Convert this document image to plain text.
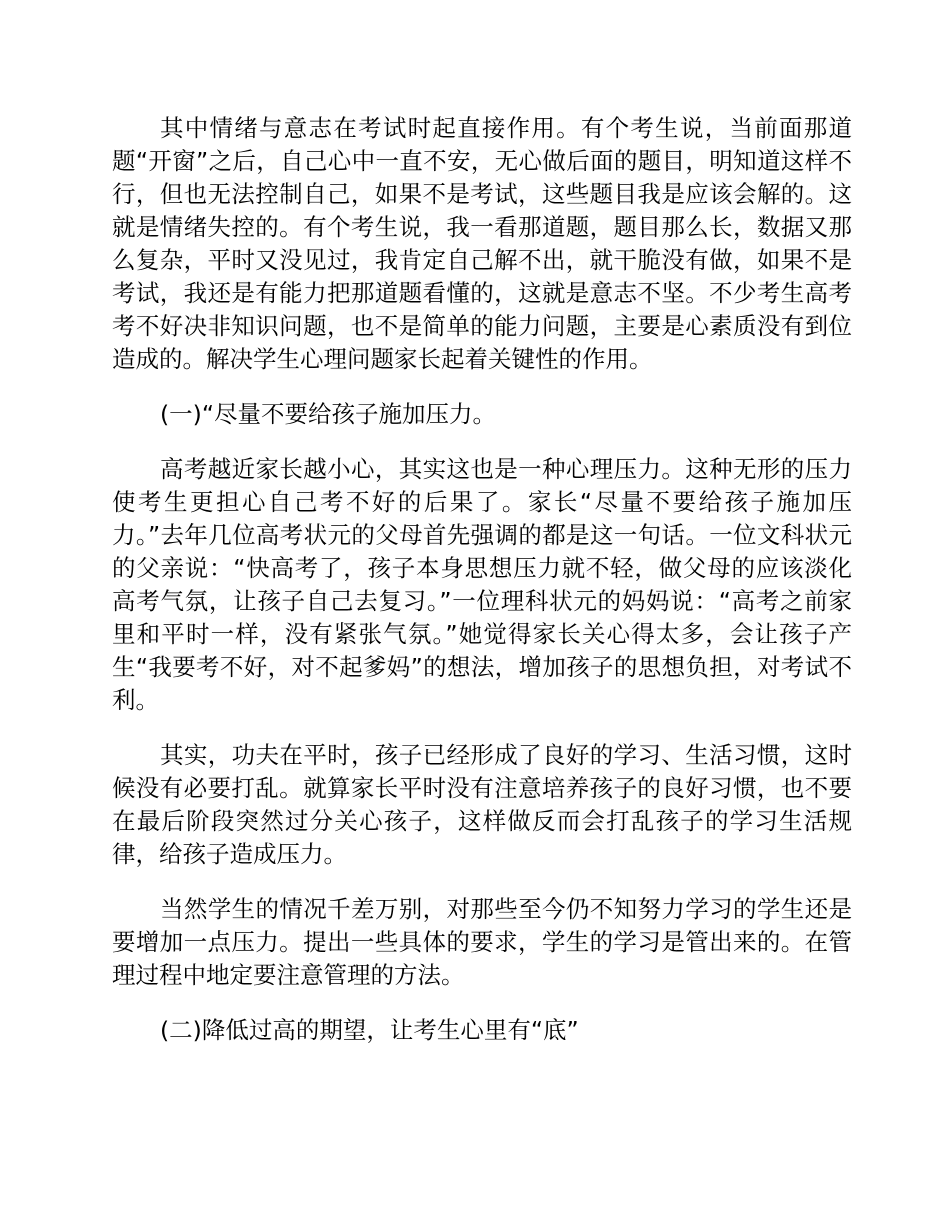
其中情绪与意志在考试时起直接作用。有个考生说，当前面那道题“开窗”之后，自己心中一直不安，无心做后面的题目，明知道这样不行，但也无法控制自己，如果不是考试，这些题目我是应该会解的。这就是情绪失控的。有个考生说，我一看那道题，题目那么长，数据又那么复杂，平时又没见过，我肯定自己解不出，就干脆没有做，如果不是考试，我还是有能力把那道题看懂的，这就是意志不坚。不少考生高考考不好决非知识问题，也不是简单的能力问题，主要是心素质没有到位造成的。解决学生心理问题家长起着关键性的作用。

(一)“尽量不要给孩子施加压力。

高考越近家长越小心，其实这也是一种心理压力。这种无形的压力使考生更担心自己考不好的后果了。家长“尽量不要给孩子施加压力。”去年几位高考状元的父母首先强调的都是这一句话。一位文科状元的父亲说：“快高考了，孩子本身思想压力就不轻，做父母的应该淡化高考气氛，让孩子自己去复习。”一位理科状元的妈妈说：“高考之前家里和平时一样，没有紧张气氛。”她觉得家长关心得太多，会让孩子产生“我要考不好，对不起爹妈”的想法，增加孩子的思想负担，对考试不利。

其实，功夫在平时，孩子已经形成了良好的学习、生活习惯，这时候没有必要打乱。就算家长平时没有注意培养孩子的良好习惯，也不要在最后阶段突然过分关心孩子，这样做反而会打乱孩子的学习生活规律，给孩子造成压力。

当然学生的情况千差万别，对那些至今仍不知努力学习的学生还是要增加一点压力。提出一些具体的要求，学生的学习是管出来的。在管理过程中地定要注意管理的方法。

(二)降低过高的期望，让考生心里有“底”
